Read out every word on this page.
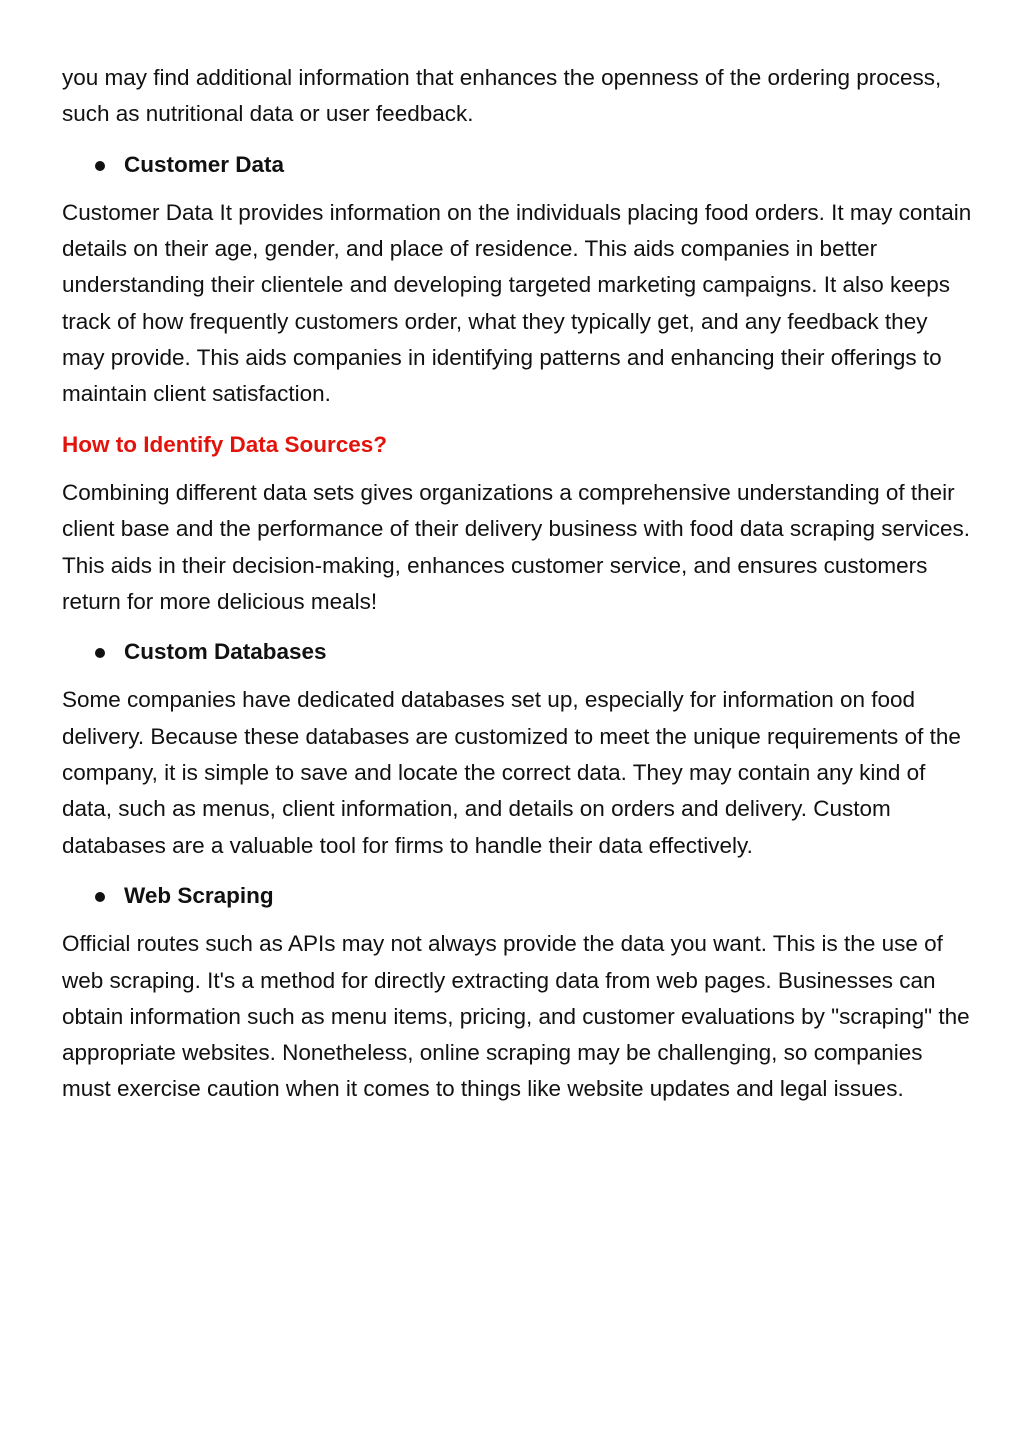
you may find additional information that enhances the openness of the ordering process, such as nutritional data or user feedback.

Customer Data

Customer Data It provides information on the individuals placing food orders. It may contain details on their age, gender, and place of residence. This aids companies in better understanding their clientele and developing targeted marketing campaigns. It also keeps track of how frequently customers order, what they typically get, and any feedback they may provide. This aids companies in identifying patterns and enhancing their offerings to maintain client satisfaction.

How to Identify Data Sources?

Combining different data sets gives organizations a comprehensive understanding of their client base and the performance of their delivery business with food data scraping services. This aids in their decision-making, enhances customer service, and ensures customers return for more delicious meals!

Custom Databases

Some companies have dedicated databases set up, especially for information on food delivery. Because these databases are customized to meet the unique requirements of the company, it is simple to save and locate the correct data. They may contain any kind of data, such as menus, client information, and details on orders and delivery. Custom databases are a valuable tool for firms to handle their data effectively.

Web Scraping

Official routes such as APIs may not always provide the data you want. This is the use of web scraping. It's a method for directly extracting data from web pages. Businesses can obtain information such as menu items, pricing, and customer evaluations by "scraping" the appropriate websites. Nonetheless, online scraping may be challenging, so companies must exercise caution when it comes to things like website updates and legal issues.
